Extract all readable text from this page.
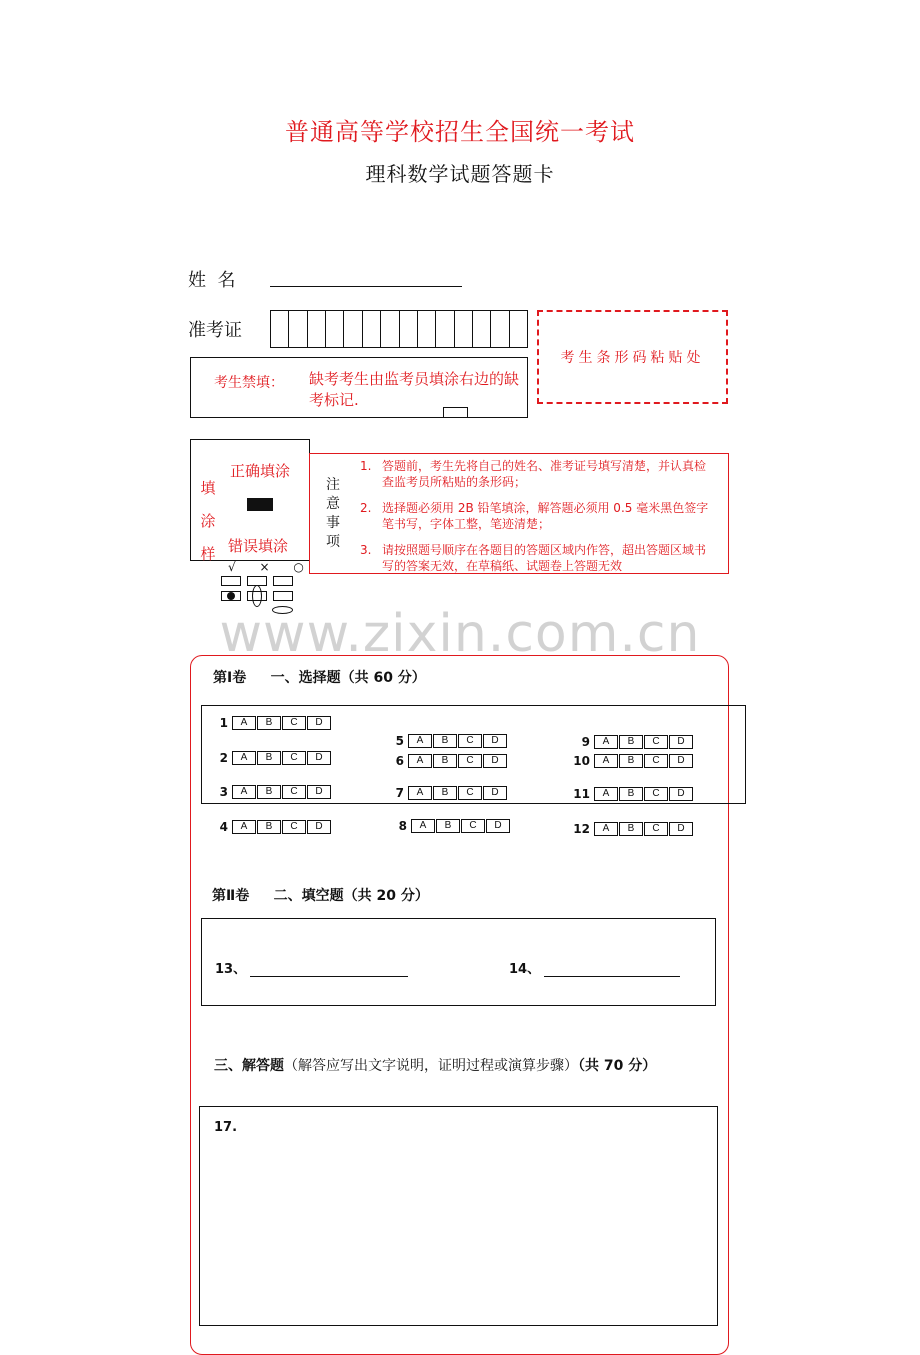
普通高等学校招生全国统一考试
理科数学试题答题卡
姓  名
准考证
考生条形码粘贴处
考生禁填： 缺考考生由监考员填涂右边的缺考标记.
填涂样
正确填涂
错误填涂
√ × ○
注意事项
1. 答题前，考生先将自己的姓名、准考证号填写清楚，并认真检查监考员所粘贴的条形码；
2. 选择题必须用 2B 铅笔填涂，解答题必须用 0.5 毫米黑色签字笔书写，字体工整，笔迹清楚；
3. 请按照题号顺序在各题目的答题区域内作答，超出答题区域书写的答案无效，在草稿纸、试题卷上答题无效
www.zixin.com.cn
第Ⅰ卷     一、选择题（共 60 分）
1	A	B	C	D
2	A	B	C	D
3	A	B	C	D
4	A	B	C	D
5	A	B	C	D
6	A	B	C	D
7	A	B	C	D
8	A	B	C	D
9	A	B	C	D
10	A	B	C	D
11	A	B	C	D
12	A	B	C	D
第Ⅱ卷     二、填空题（共 20 分）
13、	14、
三、解答题（解答应写出文字说明，证明过程或演算步骤）（共 70 分）
17.
